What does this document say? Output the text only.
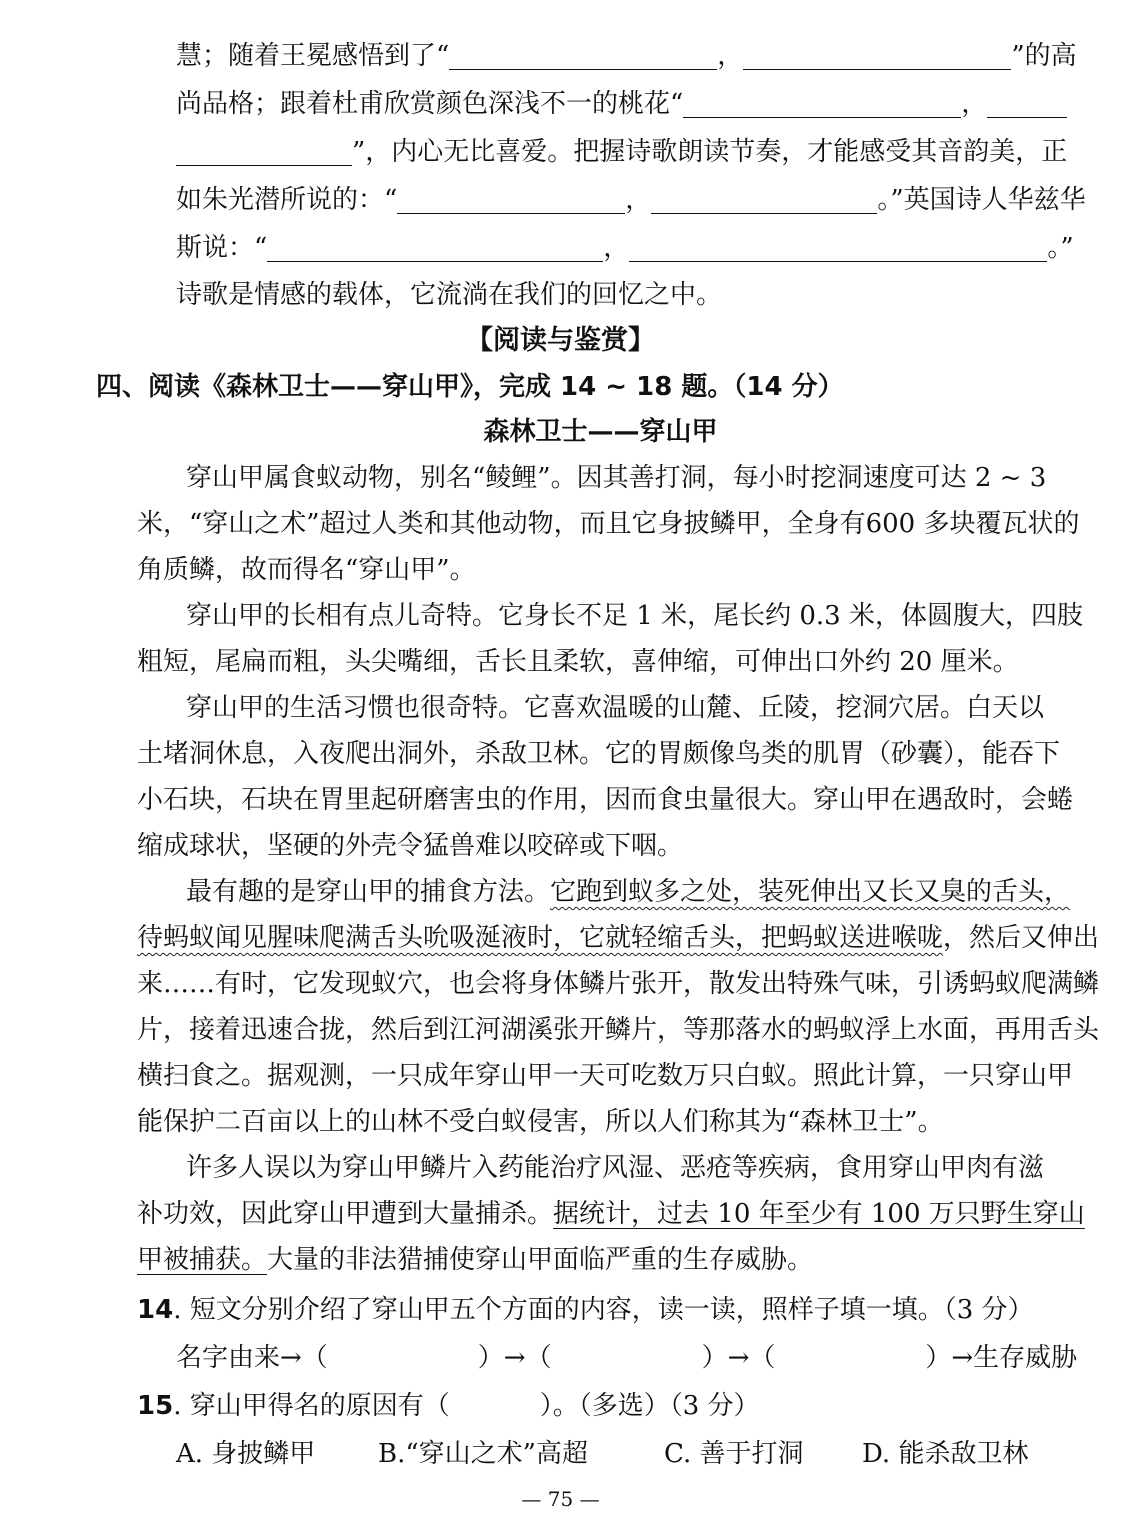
慧；随着王冕感悟到了“	，	”的高
尚品格；跟着杜甫欣赏颜色深浅不一的桃花“	，
”，内心无比喜爱。把握诗歌朗读节奏，才能感受其音韵美，正
如朱光潜所说的：“	，	。”英国诗人华兹华
斯说：“	，	。”
诗歌是情感的载体，它流淌在我们的回忆之中。
【阅读与鉴赏】
四、阅读《森林卫士——穿山甲》，完成 14 ~ 18 题。（14 分）
森林卫士——穿山甲
穿山甲属食蚁动物，别名“鲮鲤”。因其善打洞，每小时挖洞速度可达 2 ~ 3
米，“穿山之术”超过人类和其他动物，而且它身披鳞甲，全身有600 多块覆瓦状的
角质鳞，故而得名“穿山甲”。
穿山甲的长相有点儿奇特。它身长不足 1 米，尾长约 0.3 米，体圆腹大，四肢
粗短，尾扁而粗，头尖嘴细，舌长且柔软，喜伸缩，可伸出口外约 20 厘米。
穿山甲的生活习惯也很奇特。它喜欢温暖的山麓、丘陵，挖洞穴居。白天以
土堵洞休息，入夜爬出洞外，杀敌卫林。它的胃颇像鸟类的肌胃（砂囊），能吞下
小石块，石块在胃里起研磨害虫的作用，因而食虫量很大。穿山甲在遇敌时，会蜷
缩成球状，坚硬的外壳令猛兽难以咬碎或下咽。
最有趣的是穿山甲的捕食方法。它跑到蚁多之处，装死伸出又长又臭的舌头，
待蚂蚁闻见腥味爬满舌头吮吸涎液时，它就轻缩舌头，把蚂蚁送进喉咙，然后又伸出
来……有时，它发现蚁穴，也会将身体鳞片张开，散发出特殊气味，引诱蚂蚁爬满鳞
片，接着迅速合拢，然后到江河湖溪张开鳞片，等那落水的蚂蚁浮上水面，再用舌头
横扫食之。据观测，一只成年穿山甲一天可吃数万只白蚁。照此计算，一只穿山甲
能保护二百亩以上的山林不受白蚁侵害，所以人们称其为“森林卫士”。
许多人误以为穿山甲鳞片入药能治疗风湿、恶疮等疾病，食用穿山甲肉有滋
补功效，因此穿山甲遭到大量捕杀。据统计，过去 10 年至少有 100 万只野生穿山
甲被捕获。大量的非法猎捕使穿山甲面临严重的生存威胁。
14. 短文分别介绍了穿山甲五个方面的内容，读一读，照样子填一填。（3 分）
名字由来→（	）→（	）→（	）→生存威胁
15. 穿山甲得名的原因有（	）。（多选）（3 分）
A. 身披鳞甲 B.“穿山之术”高超	C. 善于打洞 D. 能杀敌卫林
— 75 —
